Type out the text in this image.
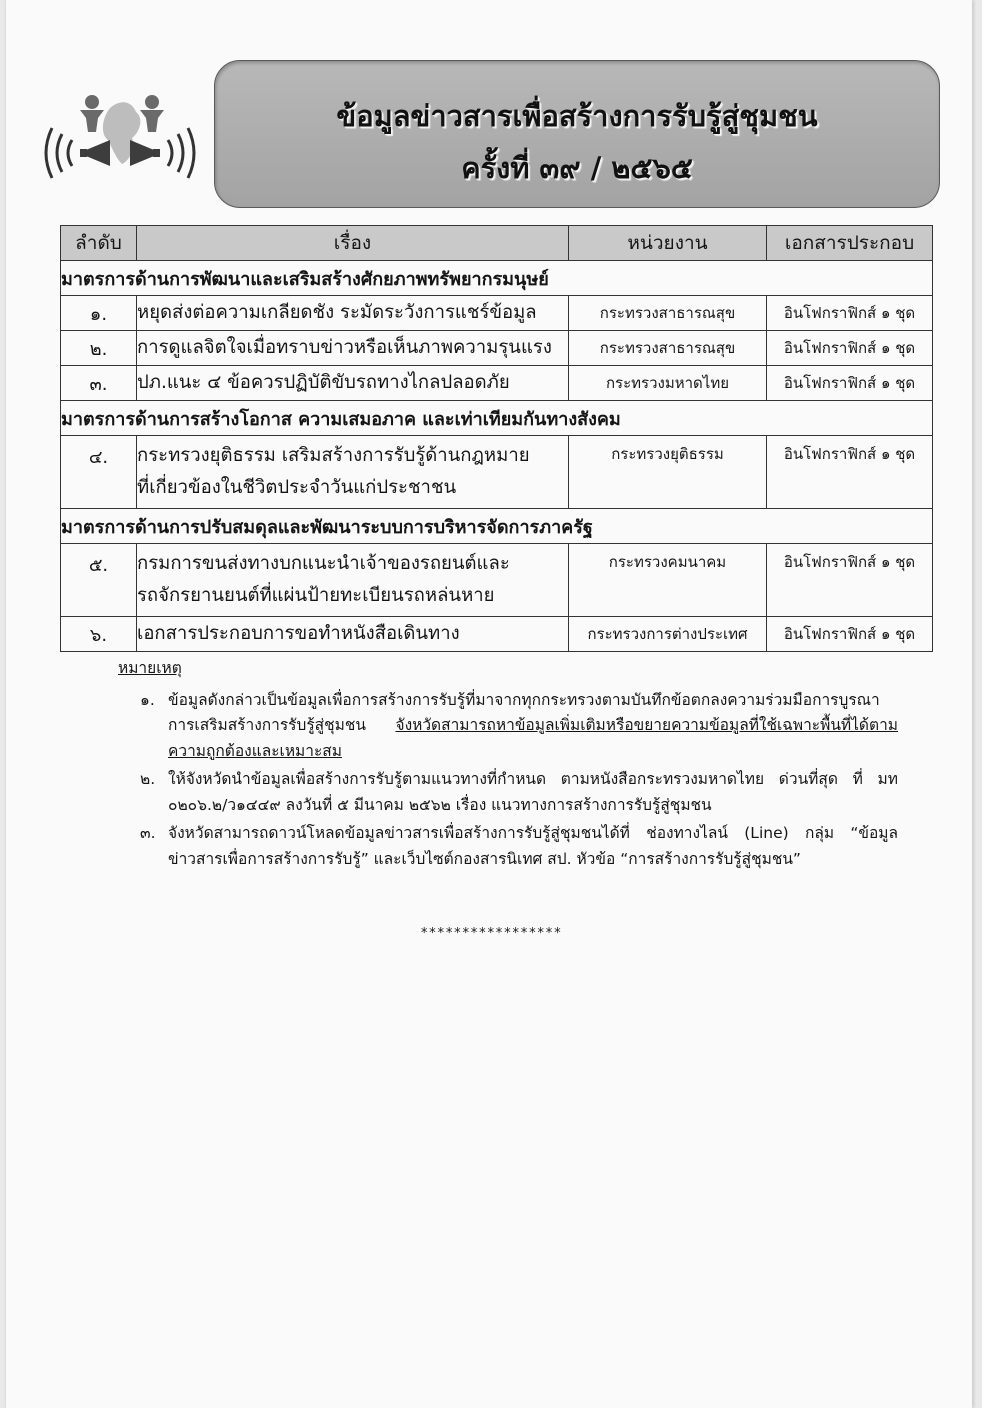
ข้อมูลข่าวสารเพื่อสร้างการรับรู้สู่ชุมชน
ครั้งที่ ๓๙ / ๒๕๖๕
ลำดับ	เรื่อง	หน่วยงาน	เอกสารประกอบ
มาตรการด้านการพัฒนาและเสริมสร้างศักยภาพทรัพยากรมนุษย์			
๑.	หยุดส่งต่อความเกลียดชัง ระมัดระวังการแชร์ข้อมูล	กระทรวงสาธารณสุข	อินโฟกราฟิกส์ ๑ ชุด
๒.	การดูแลจิตใจเมื่อทราบข่าวหรือเห็นภาพความรุนแรง	กระทรวงสาธารณสุข	อินโฟกราฟิกส์ ๑ ชุด
๓.	ปภ.แนะ ๔ ข้อควรปฏิบัติขับรถทางไกลปลอดภัย	กระทรวงมหาดไทย	อินโฟกราฟิกส์ ๑ ชุด
มาตรการด้านการสร้างโอกาส ความเสมอภาค และเท่าเทียมกันทางสังคม			
๔.	กระทรวงยุติธรรม เสริมสร้างการรับรู้ด้านกฎหมาย
ที่เกี่ยวข้องในชีวิตประจำวันแก่ประชาชน	กระทรวงยุติธรรม	อินโฟกราฟิกส์ ๑ ชุด
มาตรการด้านการปรับสมดุลและพัฒนาระบบการบริหารจัดการภาครัฐ			
๕.	กรมการขนส่งทางบกแนะนำเจ้าของรถยนต์และ
รถจักรยานยนต์ที่แผ่นป้ายทะเบียนรถหล่นหาย	กระทรวงคมนาคม	อินโฟกราฟิกส์ ๑ ชุด
๖.	เอกสารประกอบการขอทำหนังสือเดินทาง	กระทรวงการต่างประเทศ	อินโฟกราฟิกส์ ๑ ชุด
หมายเหตุ
๑. ข้อมูลดังกล่าวเป็นข้อมูลเพื่อการสร้างการรับรู้ที่มาจากทุกกระทรวงตามบันทึกข้อตกลงความร่วมมือการบูรณาการเสริมสร้างการรับรู้สู่ชุมชน จังหวัดสามารถหาข้อมูลเพิ่มเติมหรือขยายความข้อมูลที่ใช้เฉพาะพื้นที่ได้ตามความถูกต้องและเหมาะสม
๒. ให้จังหวัดนำข้อมูลเพื่อสร้างการรับรู้ตามแนวทางที่กำหนด ตามหนังสือกระทรวงมหาดไทย ด่วนที่สุด ที่ มท ๐๒๐๖.๒/ว๑๔๔๙ ลงวันที่ ๕ มีนาคม ๒๕๖๒ เรื่อง แนวทางการสร้างการรับรู้สู่ชุมชน
๓. จังหวัดสามารถดาวน์โหลดข้อมูลข่าวสารเพื่อสร้างการรับรู้สู่ชุมชนได้ที่ ช่องทางไลน์ (Line) กลุ่ม “ข้อมูลข่าวสารเพื่อการสร้างการรับรู้” และเว็บไซต์กองสารนิเทศ สป. หัวข้อ “การสร้างการรับรู้สู่ชุมชน”
*****************
